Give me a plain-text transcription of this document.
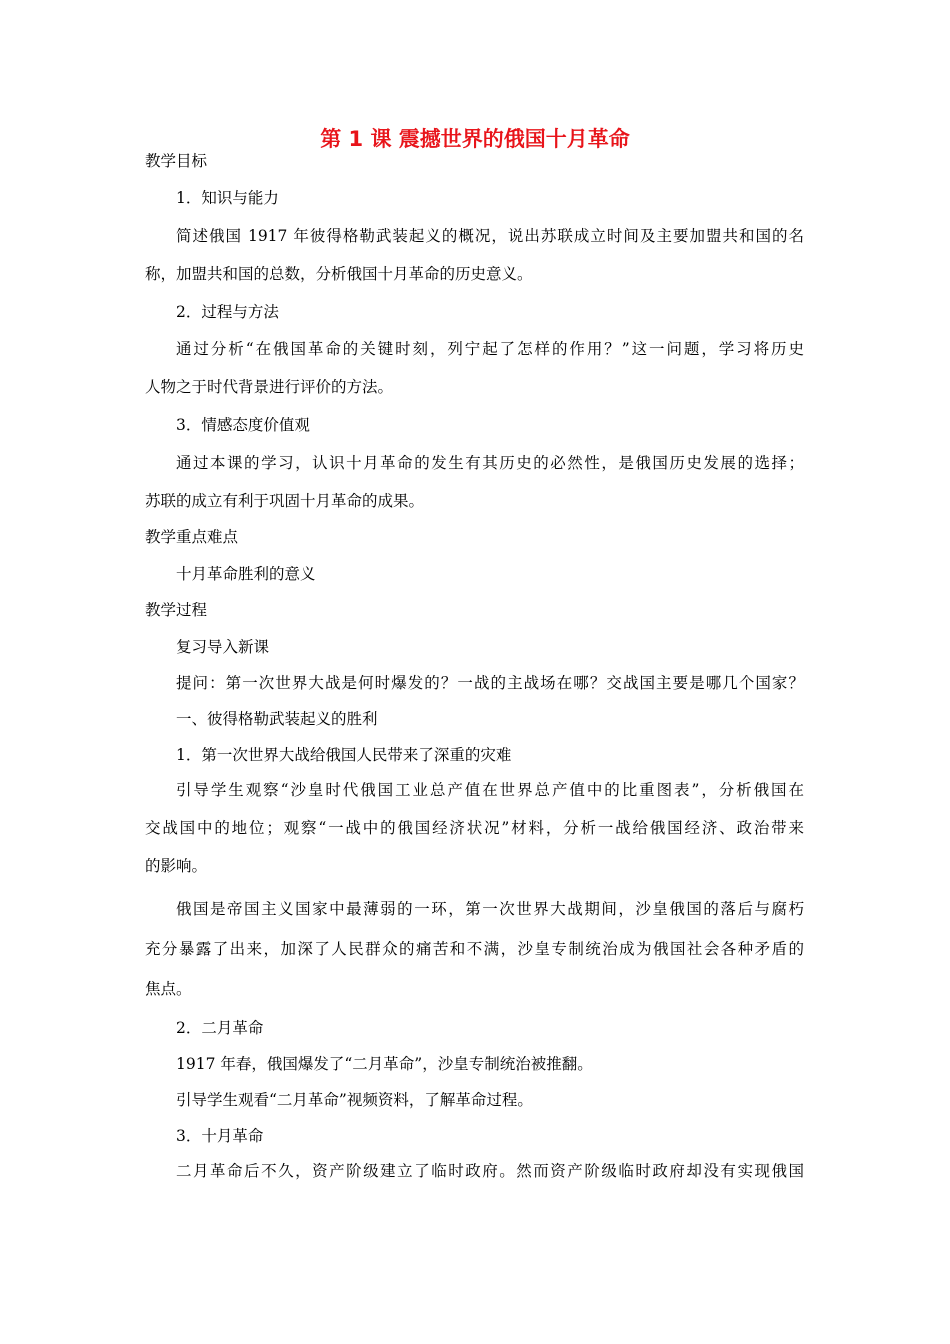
第 1 课 震撼世界的俄国十月革命
教学目标
1．知识与能力
简述俄国 1917 年彼得格勒武装起义的概况，说出苏联成立时间及主要加盟共和国的名
称，加盟共和国的总数，分析俄国十月革命的历史意义。
2．过程与方法
通过分析“在俄国革命的关键时刻，列宁起了怎样的作用？”这一问题，学习将历史
人物之于时代背景进行评价的方法。
3．情感态度价值观
通过本课的学习，认识十月革命的发生有其历史的必然性，是俄国历史发展的选择；
苏联的成立有利于巩固十月革命的成果。
教学重点难点
十月革命胜利的意义
教学过程
复习导入新课
提问：第一次世界大战是何时爆发的？一战的主战场在哪？交战国主要是哪几个国家？
一、彼得格勒武装起义的胜利
1．第一次世界大战给俄国人民带来了深重的灾难
引导学生观察“沙皇时代俄国工业总产值在世界总产值中的比重图表”，分析俄国在
交战国中的地位；观察“一战中的俄国经济状况”材料，分析一战给俄国经济、政治带来
的影响。
俄国是帝国主义国家中最薄弱的一环，第一次世界大战期间，沙皇俄国的落后与腐朽
充分暴露了出来，加深了人民群众的痛苦和不满，沙皇专制统治成为俄国社会各种矛盾的
焦点。
2．二月革命
1917 年春，俄国爆发了“二月革命”，沙皇专制统治被推翻。
引导学生观看“二月革命”视频资料，了解革命过程。
3．十月革命
二月革命后不久，资产阶级建立了临时政府。然而资产阶级临时政府却没有实现俄国
